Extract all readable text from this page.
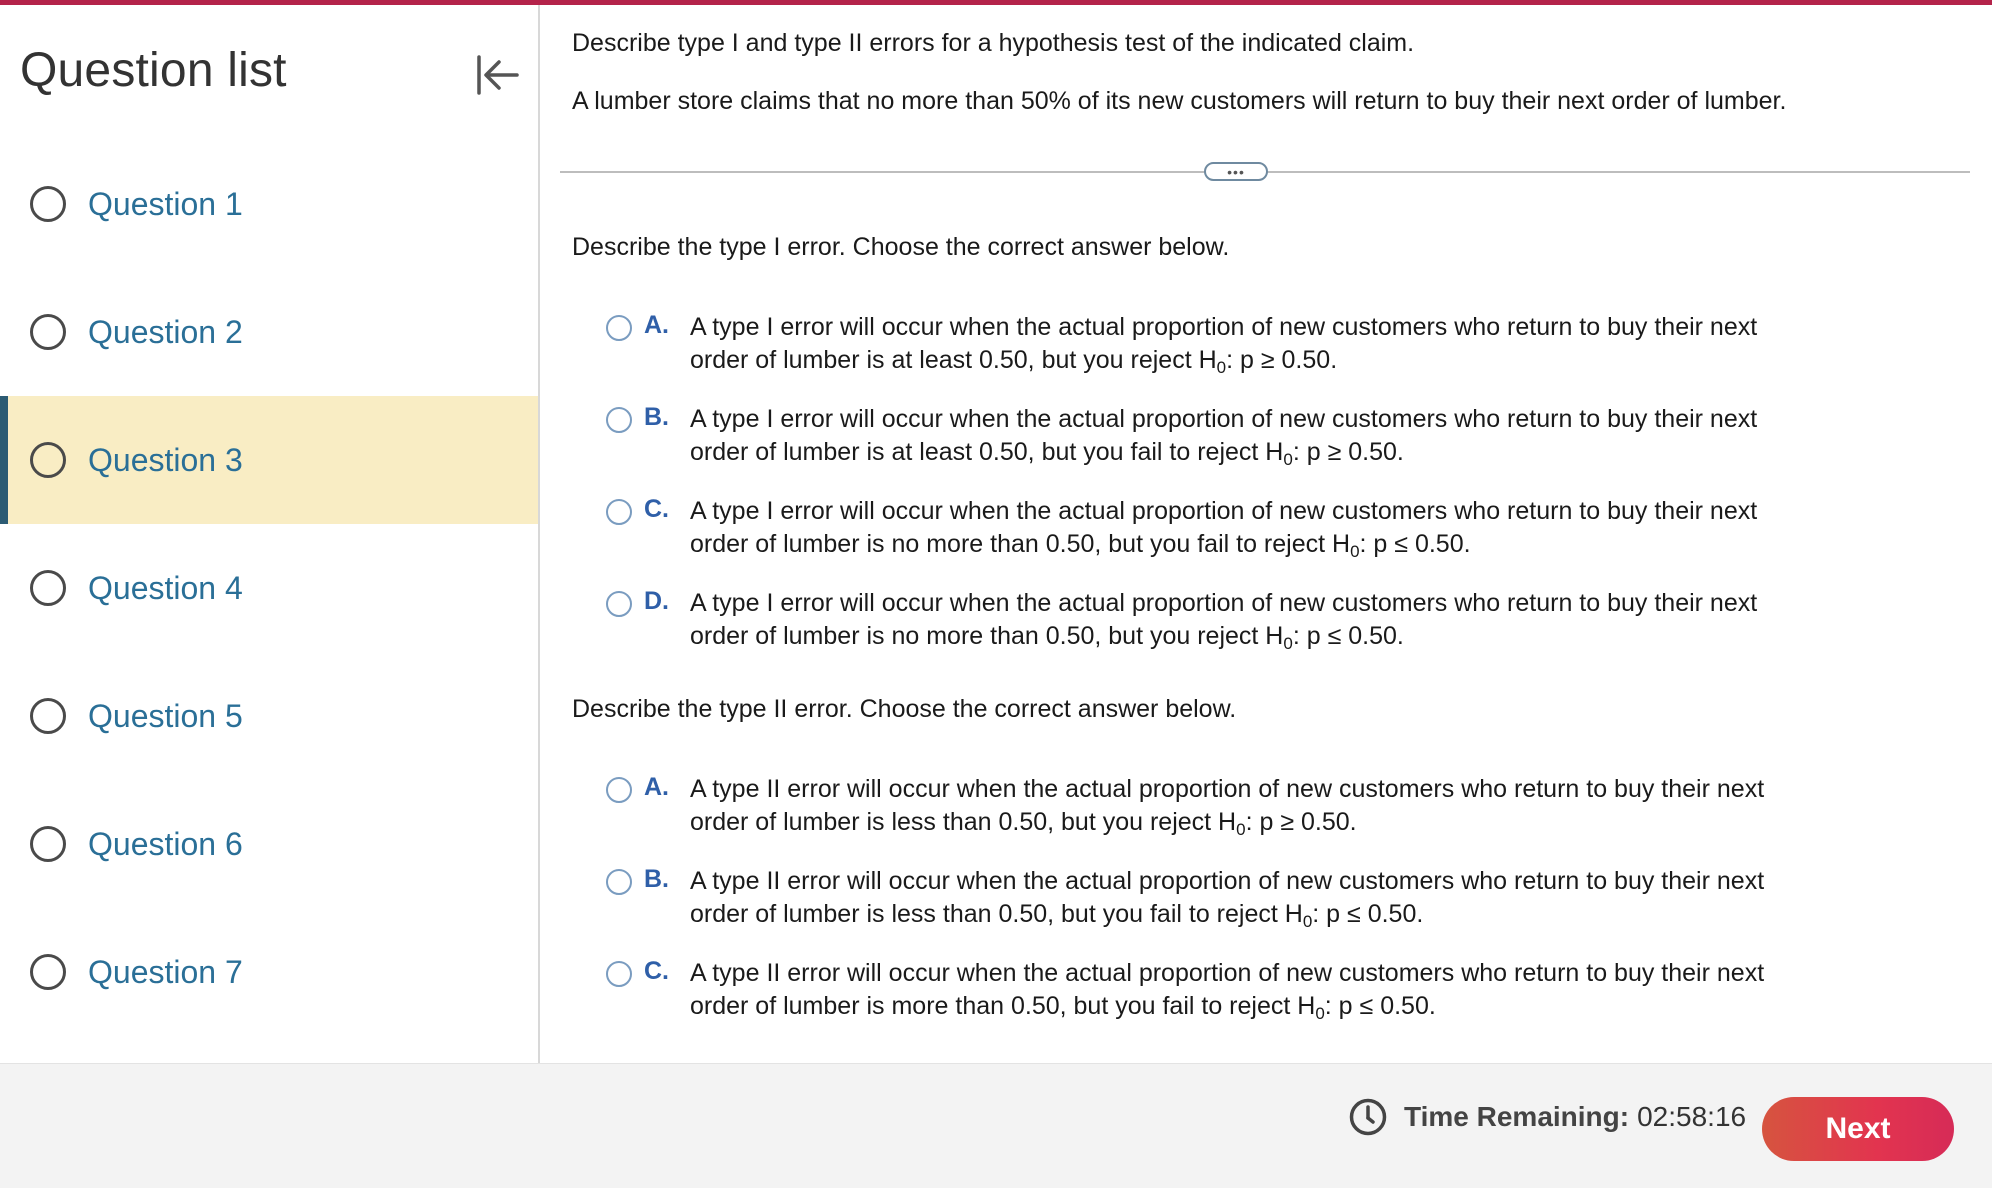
Question list
Question 1
Question 2
Question 3
Question 4
Question 5
Question 6
Question 7

Describe type I and type II errors for a hypothesis test of the indicated claim.

A lumber store claims that no more than 50% of its new customers will return to buy their next order of lumber.

•••

Describe the type I error. Choose the correct answer below.

A. A type I error will occur when the actual proportion of new customers who return to buy their next
order of lumber is at least 0.50, but you reject $H_0$: p ≥ 0.50.
B. A type I error will occur when the actual proportion of new customers who return to buy their next
order of lumber is at least 0.50, but you fail to reject $H_0$: p ≥ 0.50.
C. A type I error will occur when the actual proportion of new customers who return to buy their next
order of lumber is no more than 0.50, but you fail to reject $H_0$: p ≤ 0.50.
D. A type I error will occur when the actual proportion of new customers who return to buy their next
order of lumber is no more than 0.50, but you reject $H_0$: p ≤ 0.50.

Describe the type II error. Choose the correct answer below.

A. A type II error will occur when the actual proportion of new customers who return to buy their next
order of lumber is less than 0.50, but you reject $H_0$: p ≥ 0.50.
B. A type II error will occur when the actual proportion of new customers who return to buy their next
order of lumber is less than 0.50, but you fail to reject $H_0$: p ≤ 0.50.
C. A type II error will occur when the actual proportion of new customers who return to buy their next
order of lumber is more than 0.50, but you fail to reject $H_0$: p ≤ 0.50.
Time Remaining: 02:58:16	Next
